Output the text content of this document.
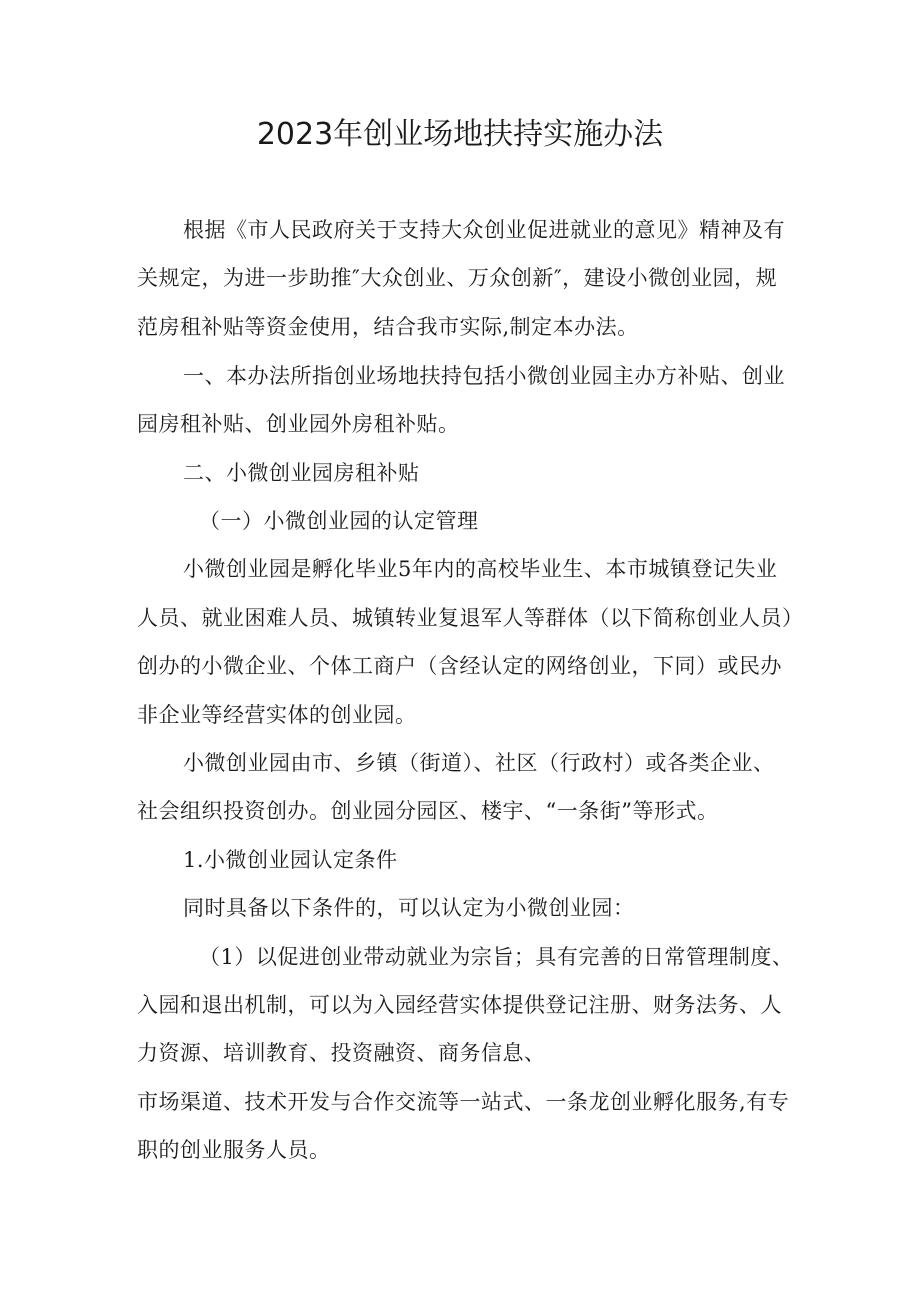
2023年创业场地扶持实施办法

根据《市人民政府关于支持大众创业促进就业的意见》精神及有

关规定，为进一步助推″大众创业、万众创新″，建设小微创业园，规

范房租补贴等资金使用，结合我市实际,制定本办法。

一、本办法所指创业场地扶持包括小微创业园主办方补贴、创业

园房租补贴、创业园外房租补贴。

二、小微创业园房租补贴

（一）小微创业园的认定管理

小微创业园是孵化毕业5年内的高校毕业生、本市城镇登记失业

人员、就业困难人员、城镇转业复退军人等群体（以下简称创业人员）

创办的小微企业、个体工商户（含经认定的网络创业，下同）或民办

非企业等经营实体的创业园。

小微创业园由市、乡镇（街道）、社区（行政村）或各类企业、

社会组织投资创办。创业园分园区、楼宇、“一条街”等形式。

1.小微创业园认定条件

同时具备以下条件的，可以认定为小微创业园：

（1）以促进创业带动就业为宗旨；具有完善的日常管理制度、

入园和退出机制，可以为入园经营实体提供登记注册、财务法务、人

力资源、培训教育、投资融资、商务信息、

市场渠道、技术开发与合作交流等一站式、一条龙创业孵化服务,有专

职的创业服务人员。
